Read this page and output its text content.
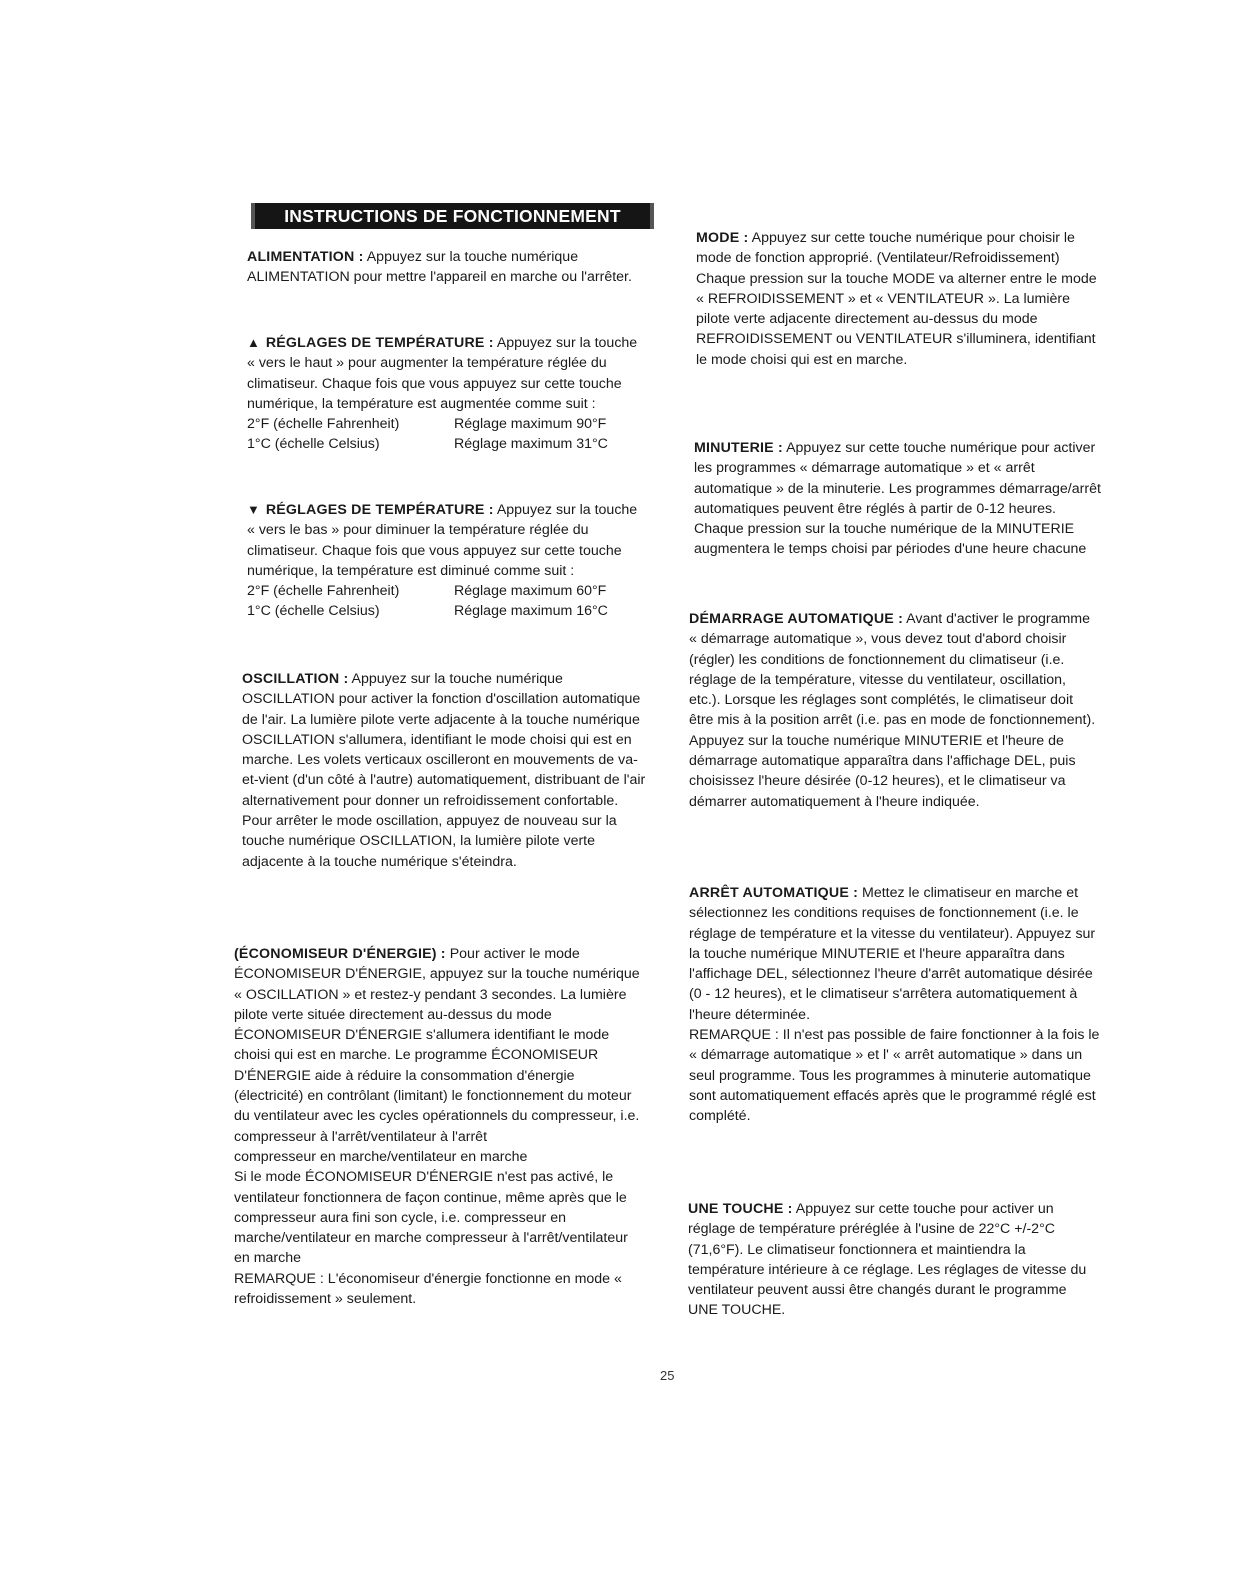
INSTRUCTIONS DE FONCTIONNEMENT

ALIMENTATION : Appuyez sur la touche numérique ALIMENTATION pour mettre l'appareil en marche ou l'arrêter.

▲ RÉGLAGES DE TEMPÉRATURE : Appuyez sur la touche « vers le haut » pour augmenter la température réglée du climatiseur. Chaque fois que vous appuyez sur cette touche numérique, la température est augmentée comme suit :
2°F (échelle Fahrenheit)	Réglage maximum 90°F
1°C (échelle Celsius)	Réglage maximum 31°C
▼ RÉGLAGES DE TEMPÉRATURE : Appuyez sur la touche « vers le bas » pour diminuer la température réglée du climatiseur. Chaque fois que vous appuyez sur cette touche numérique, la température est diminué comme suit :
2°F (échelle Fahrenheit)	Réglage maximum 60°F
1°C (échelle Celsius)	Réglage maximum 16°C

OSCILLATION : Appuyez sur la touche numérique OSCILLATION pour activer la fonction d'oscillation automatique de l'air. La lumière pilote verte adjacente à la touche numérique OSCILLATION s'allumera, identifiant le mode choisi qui est en marche. Les volets verticaux oscilleront en mouvements de va-et-vient (d'un côté à l'autre) automatiquement, distribuant de l'air alternativement pour donner un refroidissement confortable. Pour arrêter le mode oscillation, appuyez de nouveau sur la touche numérique OSCILLATION, la lumière pilote verte adjacente à la touche numérique s'éteindra.

(ÉCONOMISEUR D'ÉNERGIE) : Pour activer le mode ÉCONOMISEUR D'ÉNERGIE, appuyez sur la touche numérique « OSCILLATION » et restez-y pendant 3 secondes. La lumière pilote verte située directement au-dessus du mode ÉCONOMISEUR D'ÉNERGIE s'allumera identifiant le mode choisi qui est en marche. Le programme ÉCONOMISEUR D'ÉNERGIE aide à réduire la consommation d'énergie (électricité) en contrôlant (limitant) le fonctionnement du moteur du ventilateur avec les cycles opérationnels du compresseur, i.e.
compresseur à l'arrêt/ventilateur à l'arrêt
compresseur en marche/ventilateur en marche
Si le mode ÉCONOMISEUR D'ÉNERGIE n'est pas activé, le ventilateur fonctionnera de façon continue, même après que le compresseur aura fini son cycle, i.e. compresseur en marche/ventilateur en marche compresseur à l'arrêt/ventilateur en marche
REMARQUE : L'économiseur d'énergie fonctionne en mode « refroidissement » seulement.

MODE : Appuyez sur cette touche numérique pour choisir le mode de fonction approprié. (Ventilateur/Refroidissement) Chaque pression sur la touche MODE va alterner entre le mode « REFROIDISSEMENT » et « VENTILATEUR ». La lumière pilote verte adjacente directement au-dessus du mode REFROIDISSEMENT ou VENTILATEUR s'illuminera, identifiant le mode choisi qui est en marche.

MINUTERIE : Appuyez sur cette touche numérique pour activer les programmes « démarrage automatique » et « arrêt automatique » de la minuterie. Les programmes démarrage/arrêt automatiques peuvent être réglés à partir de 0-12 heures. Chaque pression sur la touche numérique de la MINUTERIE augmentera le temps choisi par périodes d'une heure chacune

DÉMARRAGE AUTOMATIQUE : Avant d'activer le programme « démarrage automatique », vous devez tout d'abord choisir (régler) les conditions de fonctionnement du climatiseur (i.e. réglage de la température, vitesse du ventilateur, oscillation, etc.). Lorsque les réglages sont complétés, le climatiseur doit être mis à la position arrêt (i.e. pas en mode de fonctionnement). Appuyez sur la touche numérique MINUTERIE et l'heure de démarrage automatique apparaîtra dans l'affichage DEL, puis choisissez l'heure désirée (0-12 heures), et le climatiseur va démarrer automatiquement à l'heure indiquée.

ARRÊT AUTOMATIQUE : Mettez le climatiseur en marche et sélectionnez les conditions requises de fonctionnement (i.e. le réglage de température et la vitesse du ventilateur). Appuyez sur la touche numérique MINUTERIE et l'heure apparaîtra dans l'affichage DEL, sélectionnez l'heure d'arrêt automatique désirée (0 - 12 heures), et le climatiseur s'arrêtera automatiquement à l'heure déterminée.
REMARQUE : Il n'est pas possible de faire fonctionner à la fois le « démarrage automatique » et l' « arrêt automatique » dans un seul programme. Tous les programmes à minuterie automatique sont automatiquement effacés après que le programmé réglé est complété.

UNE TOUCHE : Appuyez sur cette touche pour activer un réglage de température préréglée à l'usine de 22°C +/-2°C (71,6°F). Le climatiseur fonctionnera et maintiendra la température intérieure à ce réglage. Les réglages de vitesse du ventilateur peuvent aussi être changés durant le programme UNE TOUCHE.

25
